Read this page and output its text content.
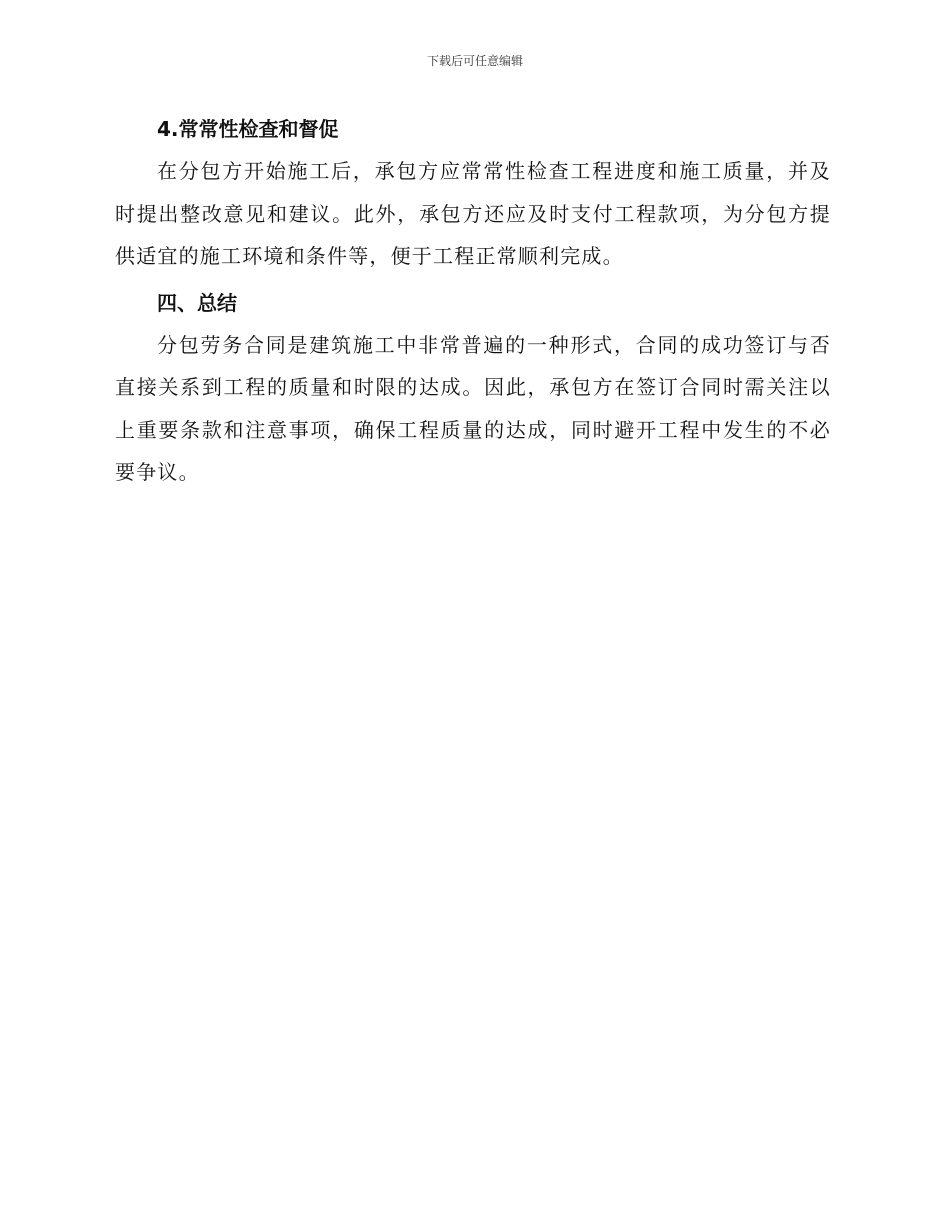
下载后可任意编辑
4.常常性检查和督促

在分包方开始施工后，承包方应常常性检查工程进度和施工质量，并及时提出整改意见和建议。此外，承包方还应及时支付工程款项，为分包方提供适宜的施工环境和条件等，便于工程正常顺利完成。

四、总结

分包劳务合同是建筑施工中非常普遍的一种形式，合同的成功签订与否直接关系到工程的质量和时限的达成。因此，承包方在签订合同时需关注以上重要条款和注意事项，确保工程质量的达成，同时避开工程中发生的不必要争议。
